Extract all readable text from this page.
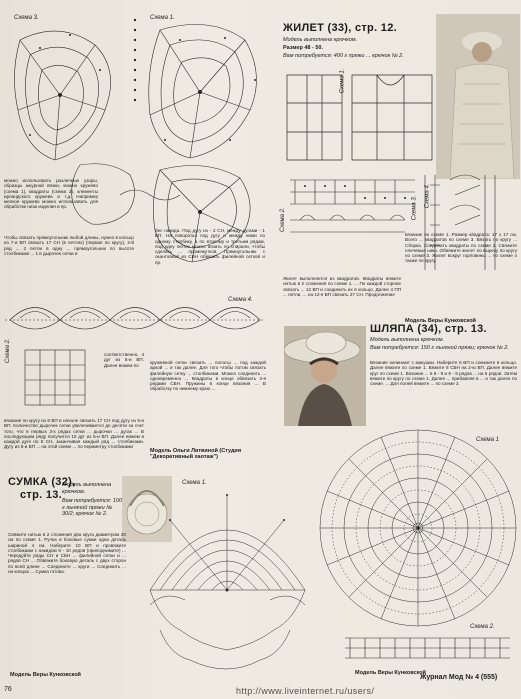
Схема 3.	Схема 1.
можно использовать различные узоры, образцы ажурной вязки, можно кружево (схема 1), квадраты (схема 2), элементы ирландского кружева и т.д. Например мелкое кружево можно использовать для обработки низа изделия и пр.
Чтобы связать прямоугольник любой длины, нужно в кольцо из 7-и ВП связать 17 СН (в петлях) (первая по кругу), 2-й ряд ... 2 петли в одну ... прямоугольник по высоте столбиками ... 1 в дырочек сетки и
бес накида. Под дугу из - 2 СН, между дугами - 1 ВП. На поворотах под дугу и между ними по одному столбику, а по второму и третьим рядам, под одну петлю можно вязать по спирали, чтобы сделать ... промежутков. Прямоугольник с окантовкой из СБН обвязать филейной сеткой и пр.
Схема 4.
Схема 2.	соответственно, 4 дуг из 5-и ВП. Далее вяжем по
вязание по кругу из 8 ВП в начале связать 17 СН под дугу из 5-и ВП. Количество дырочек сетки увеличивается до десяти за счет того, что в первых 3-х рядах сетки ... дырочки ... дугах ... В последующем ряду получится 10 дуг из 5-и ВП. Далее вяжем в каждой дуге по 5 СН, заканчивая каждый ряд ... столбиками. Дугу из 5-и ВП ... на этой схеме ... по периметру столбиками
кружевной сетки связать ... полосы ... под каждой аркой ... и так далее. Для того чтобы потом связать филейную сетку ... столбиками. Можно соединить ... одновременно ... Квадраты в конце обвязать 3-я рядами СБН. Пружины в конце вязания ... В обработку по нижнему краю ...
Модель Ольги Литвиной (Студия "Декоративный хаотаж")
ЖИЛЕТ (33), стр. 12.
Модель выполнена крючком.
Размер 48 - 50.
Вам потребуется: 400 г пряжи ... крючок № 2.
Схема 1.
Схема 2.	Схема 3. Схема 4.
Жилет выполняется из квадратов. Квадраты вяжите нитью в 2 сложения по схеме 1. ... По каждой стороне связать ... 12 ВП и соединить их в кольцо. Далее 4 ПП ... петли, ... на 12-я ВП связать 27 СН. Продолжение
вязание по схеме 1. Размер квадрата: 17 х 17 см. Всего ... квадратов по схеме 3. Вязать по кругу ... Сборка. Соединить квадраты по схеме 2. Свяжите плечевые швы. Обвяжите жилет по вырезу по кругу по схеме 3. Жилет вокруг горловины ... по схеме 4 также по кругу.
Модель Веры Кунковской
ШЛЯПА (34), стр. 13.
Модель выполнена крючком.
Вам потребуется: 150 г льняной пряжи; крючок № 2.
Вязание начинают с макушки. Наберите 5 ВП и сомкните в кольцо. Далее вяжите по схеме 1. Вяжите 8 СБН на 2-ю ВП. Далее вяжите круг по схеме 1. Вязание ... в 6 - 9 и 9 - 9 рядов ... на 5 рядов. Затем вяжите по кругу по схеме 1. Далее ... прибавляя в ... и так далее по схеме. ... Для полей вяжите ... по схеме 2.
Схема 1
Схема 2.
Модель Веры Кунковской
СУМКА (32),
стр. 13.
Модель выполнена крючком.
Вам потребуется: 100 г льняной пряжи № 30/2; крючок № 2.
Свяжите нитью в 2 сложения два круга диаметром 20 см по схеме 1. Ручка и боковые сумки одна деталь шириной 4 см. Наберите 10 ВП и провяжите столбиками с накидом 5 - 10 рядов (приподнимите) ... Чередуйте ряды СН и СБН ... филейной сетки и ... рядов СН ... Обвяжите боковую деталь с двух сторон по всей длине ... Соедините ... круги ... Соединить ... на концах ... Сумка готова.
Модель Веры Кунковской
Схема 1.
76
Журнал Мод № 4 (555)
http://www.liveinternet.ru/users/
